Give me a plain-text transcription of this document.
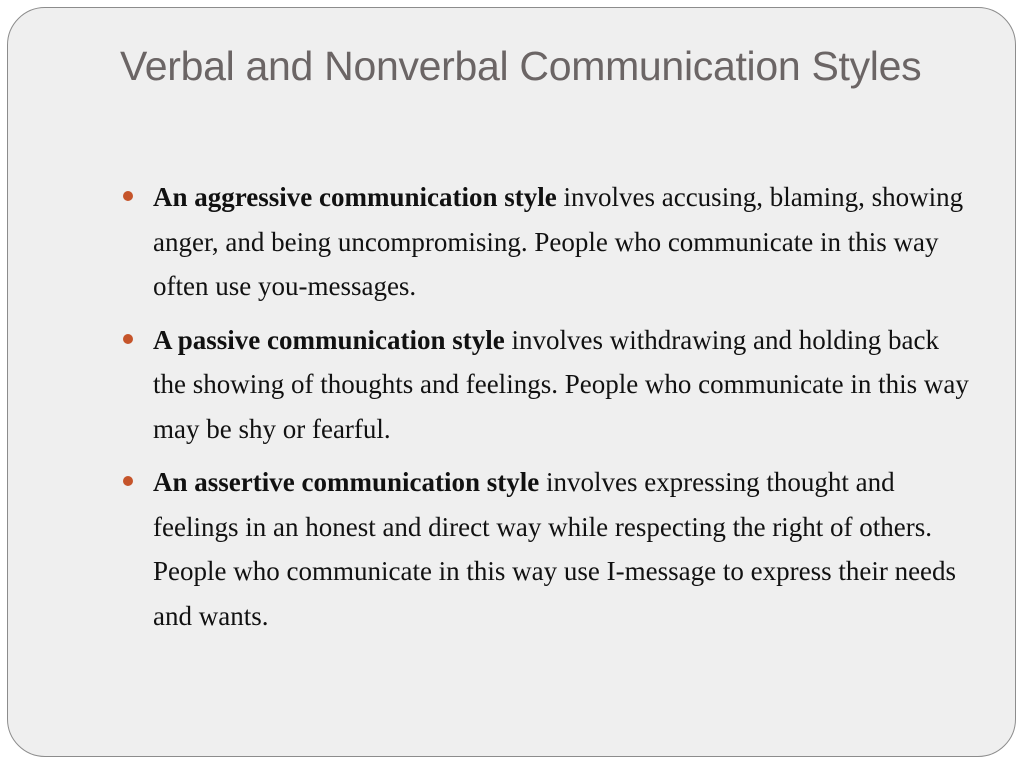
Verbal and Nonverbal Communication Styles
An aggressive communication style involves accusing, blaming, showing anger, and being uncompromising. People who communicate in this way often use you-messages.
A passive communication style involves withdrawing and holding back the showing of thoughts and feelings. People who communicate in this way may be shy or fearful.
An assertive communication style involves expressing thought and feelings in an honest and direct way while respecting the right of others. People who communicate in this way use I-message to express their needs and wants.
